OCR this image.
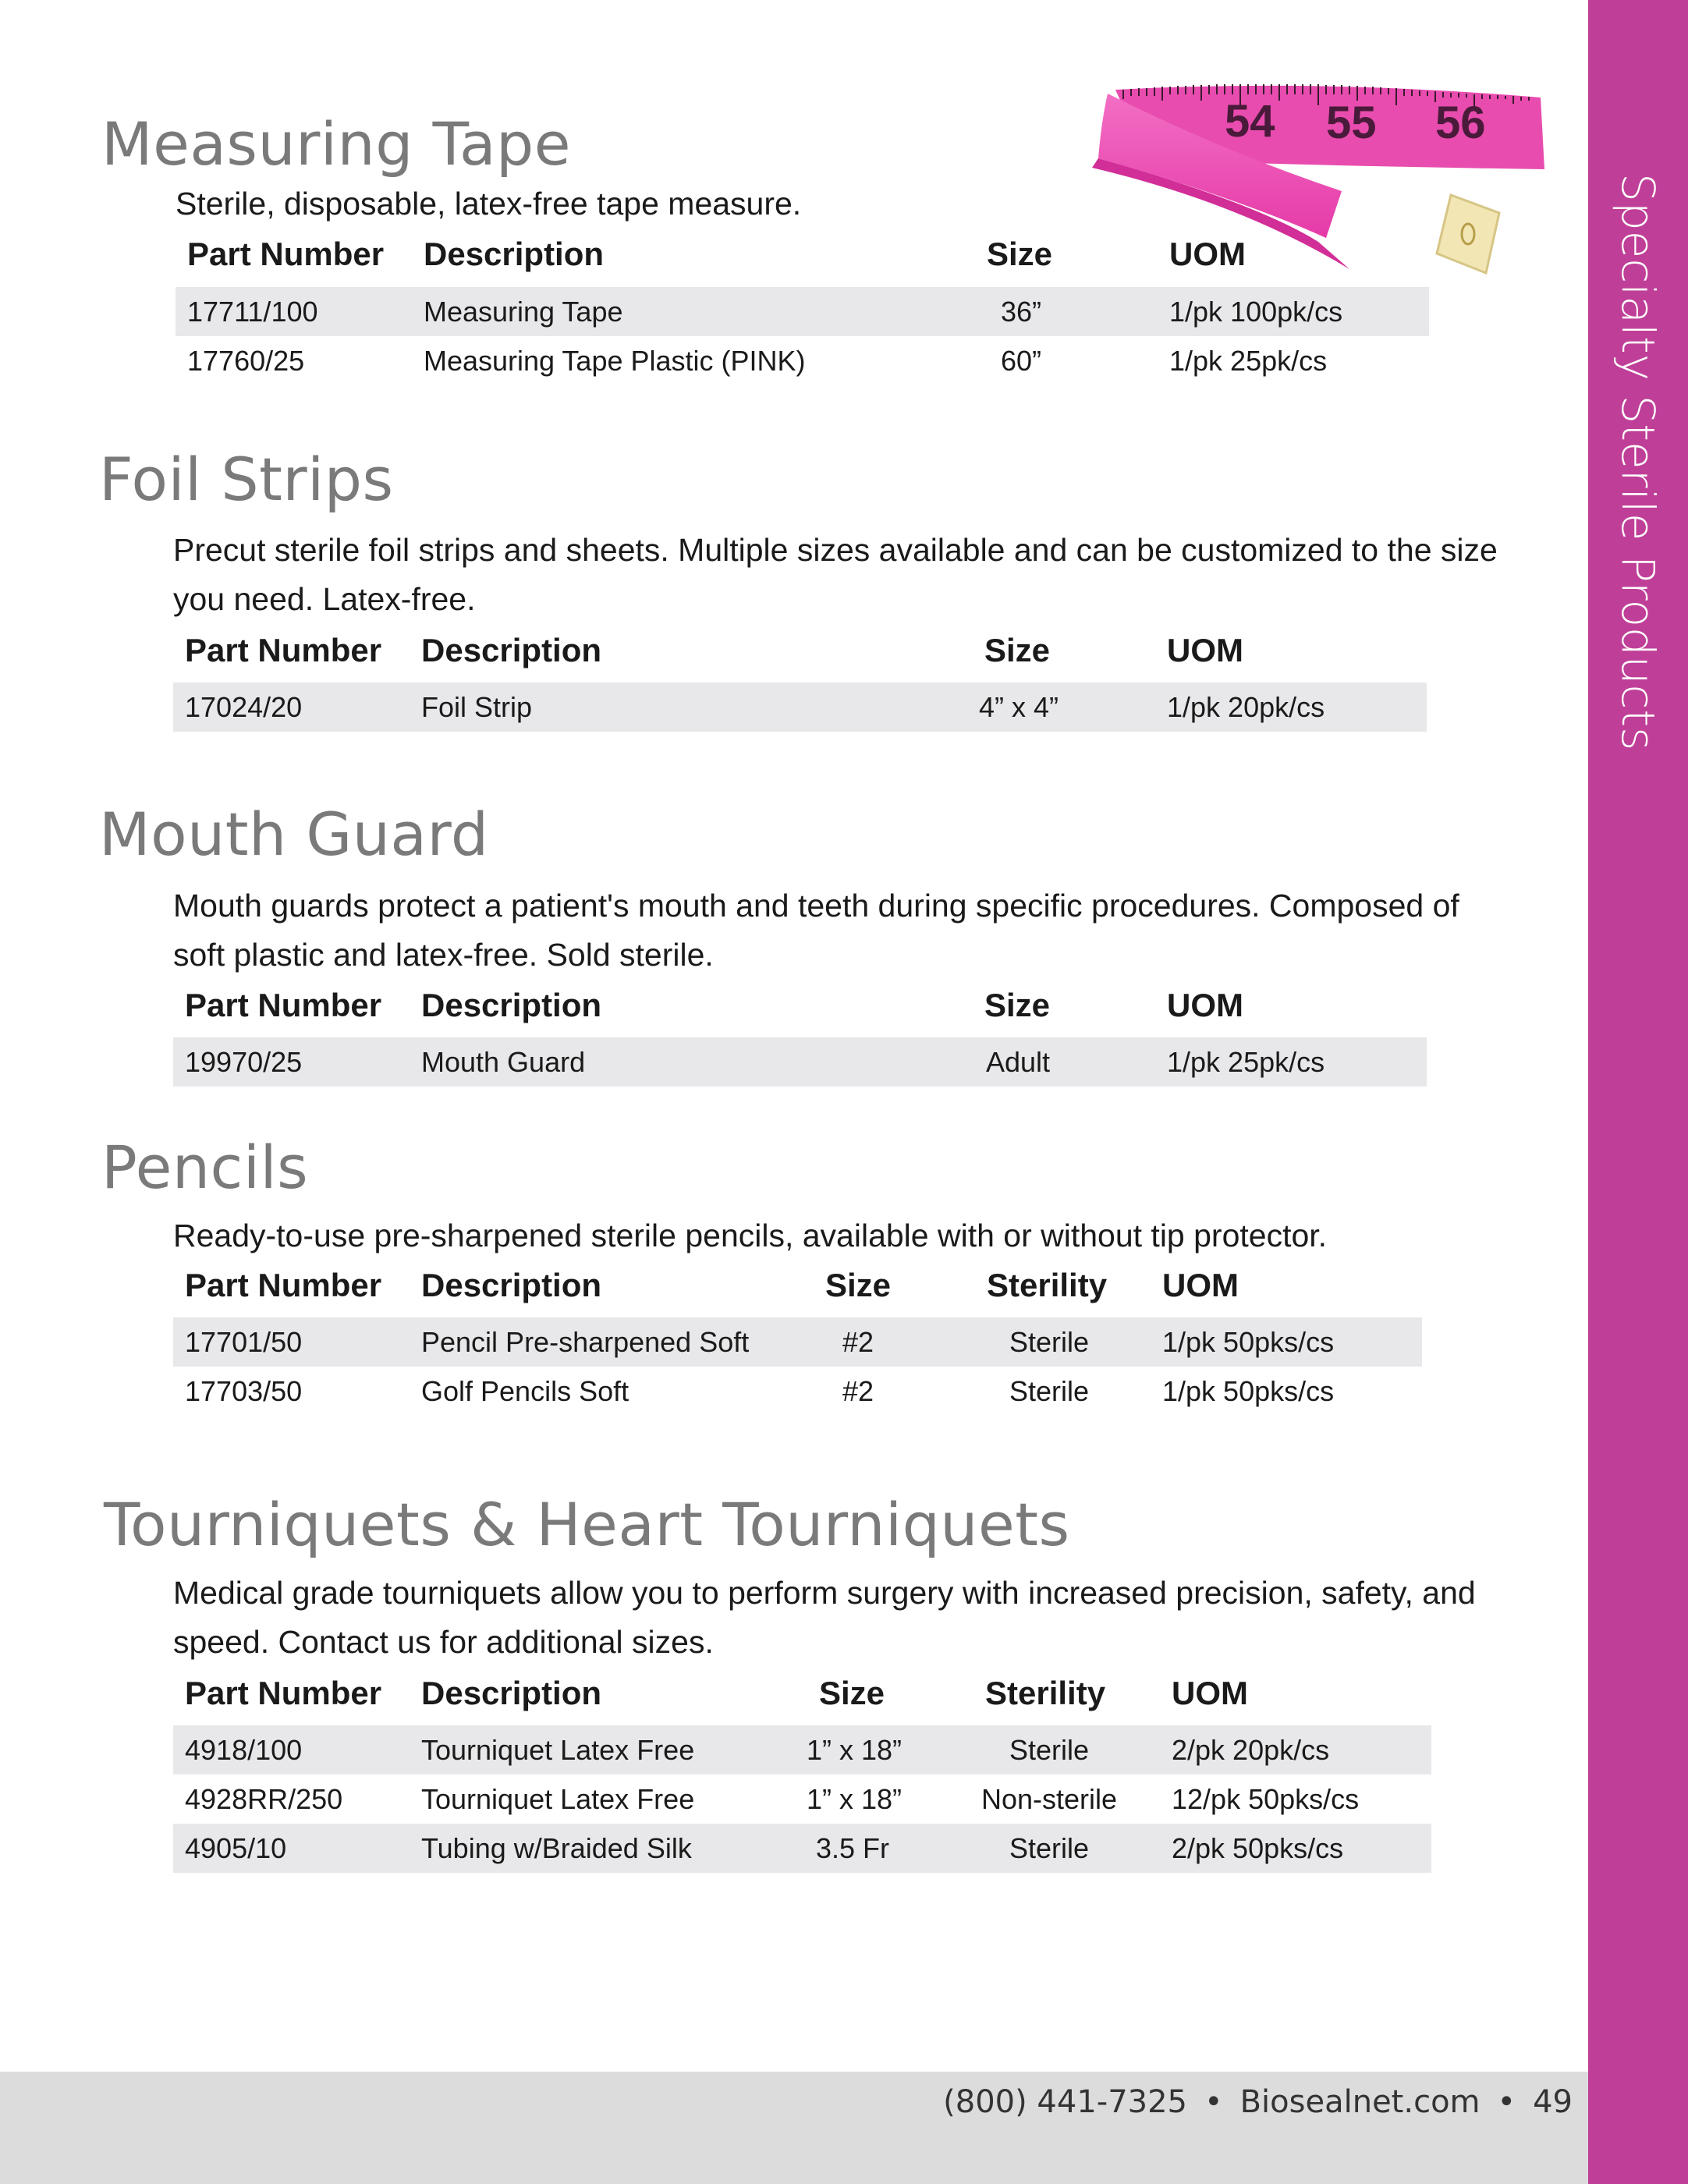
Specialty Sterile Products
54 55 56
Measuring Tape
Sterile, disposable, latex-free tape measure.
Part Number Description	Size	UOM
17711/100	Measuring Tape	36”	1/pk 100pk/cs
17760/25	Measuring Tape Plastic (PINK)	60”	1/pk 25pk/cs
Foil Strips
Precut sterile foil strips and sheets. Multiple sizes available and can be customized to the size you need. Latex-free.
Part Number Description	Size	UOM
17024/20	Foil Strip	4” x 4”	1/pk 20pk/cs
Mouth Guard
Mouth guards protect a patient's mouth and teeth during specific procedures. Composed of soft plastic and latex-free. Sold sterile.
Part Number Description	Size	UOM
19970/25	Mouth Guard	Adult	1/pk 25pk/cs
Pencils
Ready-to-use pre-sharpened sterile pencils, available with or without tip protector.
Part Number Description	Size	Sterility UOM
17701/50	Pencil Pre-sharpened Soft	#2	Sterile	1/pk 50pks/cs
17703/50	Golf Pencils Soft	#2	Sterile	1/pk 50pks/cs
Tourniquets & Heart Tourniquets
Medical grade tourniquets allow you to perform surgery with increased precision, safety, and speed. Contact us for additional sizes.
Part Number Description	Size	Sterility UOM
4918/100	Tourniquet Latex Free	1” x 18”	Sterile	2/pk 20pk/cs
4928RR/250	Tourniquet Latex Free	1” x 18”	Non-sterile 12/pk 50pks/cs
4905/10	Tubing w/Braided Silk	3.5 Fr	Sterile	2/pk 50pks/cs
(800) 441-7325 • Biosealnet.com • 49
